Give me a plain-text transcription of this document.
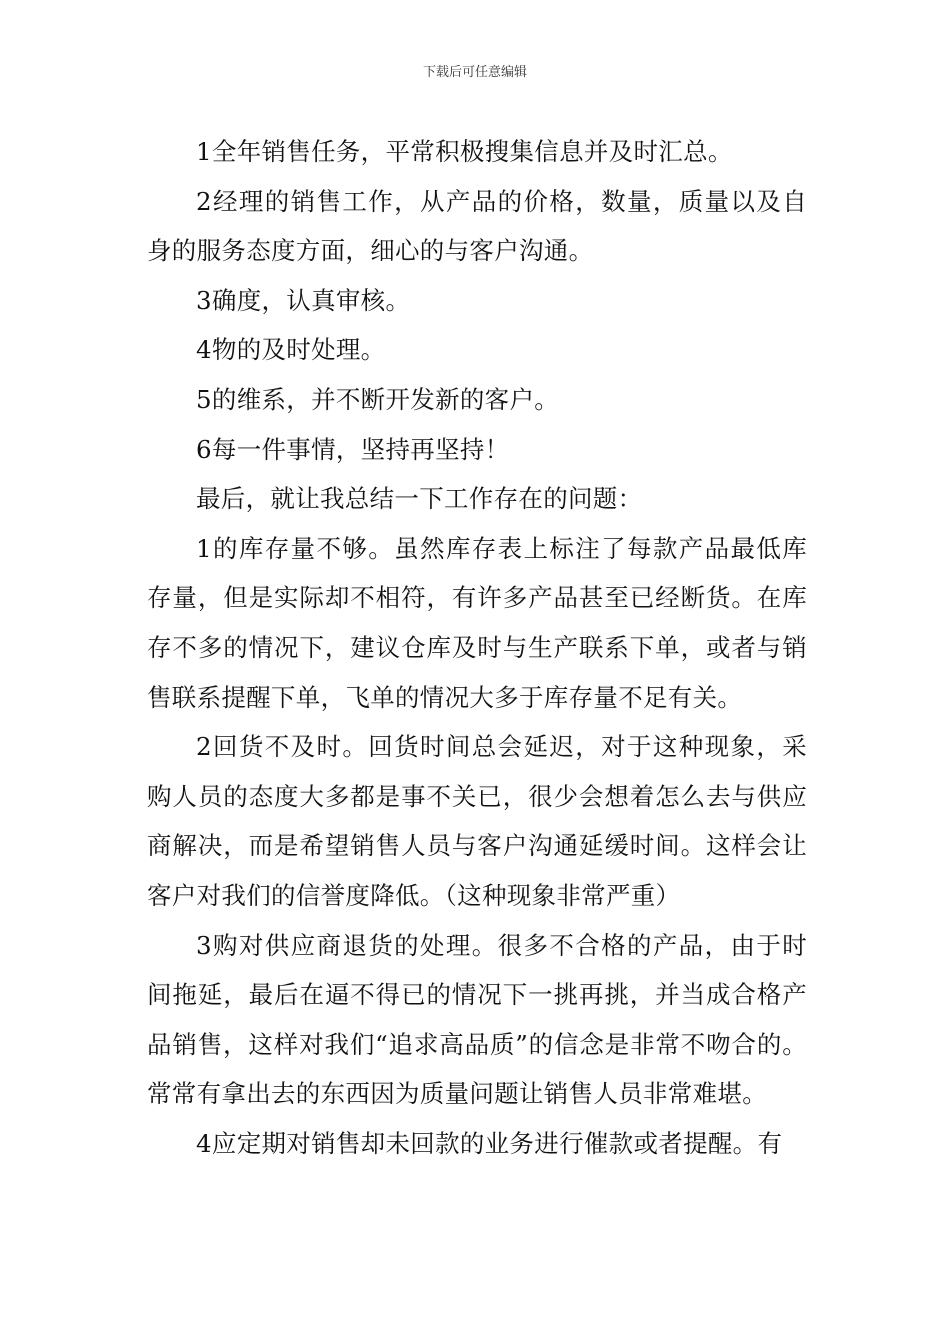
下载后可任意编辑

1全年销售任务，平常积极搜集信息并及时汇总。

2经理的销售工作，从产品的价格，数量，质量以及自身的服务态度方面，细心的与客户沟通。

3确度，认真审核。

4物的及时处理。

5的维系，并不断开发新的客户。

6每一件事情，坚持再坚持！

最后，就让我总结一下工作存在的问题：

1的库存量不够。虽然库存表上标注了每款产品最低库存量，但是实际却不相符，有许多产品甚至已经断货。在库存不多的情况下，建议仓库及时与生产联系下单，或者与销售联系提醒下单，飞单的情况大多于库存量不足有关。

2回货不及时。回货时间总会延迟，对于这种现象，采购人员的态度大多都是事不关已，很少会想着怎么去与供应商解决，而是希望销售人员与客户沟通延缓时间。这样会让客户对我们的信誉度降低。（这种现象非常严重）

3购对供应商退货的处理。很多不合格的产品，由于时间拖延，最后在逼不得已的情况下一挑再挑，并当成合格产品销售，这样对我们“追求高品质”的信念是非常不吻合的。常常有拿出去的东西因为质量问题让销售人员非常难堪。

4应定期对销售却未回款的业务进行催款或者提醒。有
